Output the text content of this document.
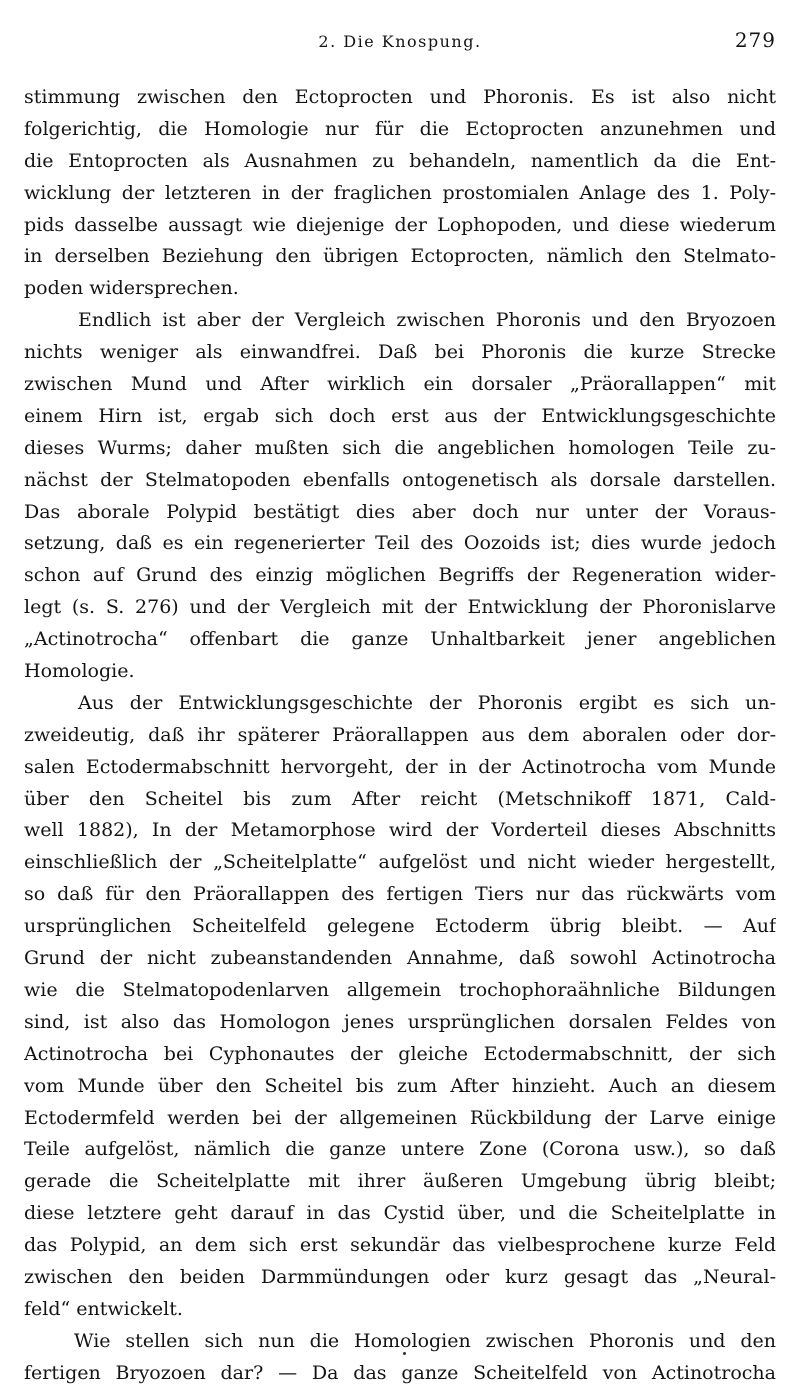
2. Die Knospung.	279
stimmung zwischen den Ectoprocten und Phoronis. Es ist also nicht
folgerichtig, die Homologie nur für die Ectoprocten anzunehmen und
die Entoprocten als Ausnahmen zu behandeln, namentlich da die Ent-
wicklung der letzteren in der fraglichen prostomialen Anlage des 1. Poly-
pids dasselbe aussagt wie diejenige der Lophopoden, und diese wiederum
in derselben Beziehung den übrigen Ectoprocten, nämlich den Stelmato-
poden widersprechen.
Endlich ist aber der Vergleich zwischen Phoronis und den Bryozoen
nichts weniger als einwandfrei. Daß bei Phoronis die kurze Strecke
zwischen Mund und After wirklich ein dorsaler „Präorallappen“ mit
einem Hirn ist, ergab sich doch erst aus der Entwicklungsgeschichte
dieses Wurms; daher mußten sich die angeblichen homologen Teile zu-
nächst der Stelmatopoden ebenfalls ontogenetisch als dorsale darstellen.
Das aborale Polypid bestätigt dies aber doch nur unter der Voraus-
setzung, daß es ein regenerierter Teil des Oozoids ist; dies wurde jedoch
schon auf Grund des einzig möglichen Begriffs der Regeneration wider-
legt (s. S. 276) und der Vergleich mit der Entwicklung der Phoronislarve
„Actinotrocha“ offenbart die ganze Unhaltbarkeit jener angeblichen
Homologie.
Aus der Entwicklungsgeschichte der Phoronis ergibt es sich un-
zweideutig, daß ihr späterer Präorallappen aus dem aboralen oder dor-
salen Ectodermabschnitt hervorgeht, der in der Actinotrocha vom Munde
über den Scheitel bis zum After reicht (Metschnikoff 1871, Cald-
well 1882), In der Metamorphose wird der Vorderteil dieses Abschnitts
einschließlich der „Scheitelplatte“ aufgelöst und nicht wieder hergestellt,
so daß für den Präorallappen des fertigen Tiers nur das rückwärts vom
ursprünglichen Scheitelfeld gelegene Ectoderm übrig bleibt. — Auf
Grund der nicht zubeanstandenden Annahme, daß sowohl Actinotrocha
wie die Stelmatopodenlarven allgemein trochophoraähnliche Bildungen
sind, ist also das Homologon jenes ursprünglichen dorsalen Feldes von
Actinotrocha bei Cyphonautes der gleiche Ectodermabschnitt, der sich
vom Munde über den Scheitel bis zum After hinzieht. Auch an diesem
Ectodermfeld werden bei der allgemeinen Rückbildung der Larve einige
Teile aufgelöst, nämlich die ganze untere Zone (Corona usw.), so daß
gerade die Scheitelplatte mit ihrer äußeren Umgebung übrig bleibt;
diese letztere geht darauf in das Cystid über, und die Scheitelplatte in
das Polypid, an dem sich erst sekundär das vielbesprochene kurze Feld
zwischen den beiden Darmmündungen oder kurz gesagt das „Neural-
feld“ entwickelt.
Wie stellen sich nun die Homologien zwischen Phoronis und den
fertigen Bryozoen dar? — Da das ganze Scheitelfeld von Actinotrocha
